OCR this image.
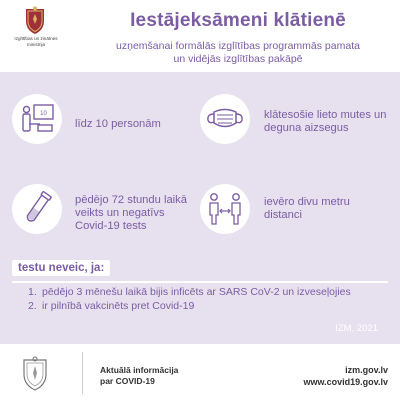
Izglītības un zinātnes
ministrija
Iestājeksāmeni klātienē
uzņemšanai formālās izglītības programmās pamata
un vidējās izglītības pakāpē
10
līdz 10 personām
klātesošie lieto mutes un
deguna aizsegus
pēdējo 72 stundu laikā
veikts un negatīvs
Covid-19 tests
ievēro divu metru
distanci
testu neveic, ja:
1. pēdējo 3 mēnešu laikā bijis inficēts ar SARS CoV-2 un izveseļojies
2. ir pilnībā vakcinēts pret Covid-19
IZM, 2021
Aktuālā informācija
par COVID-19
izm.gov.lv
www.covid19.gov.lv
